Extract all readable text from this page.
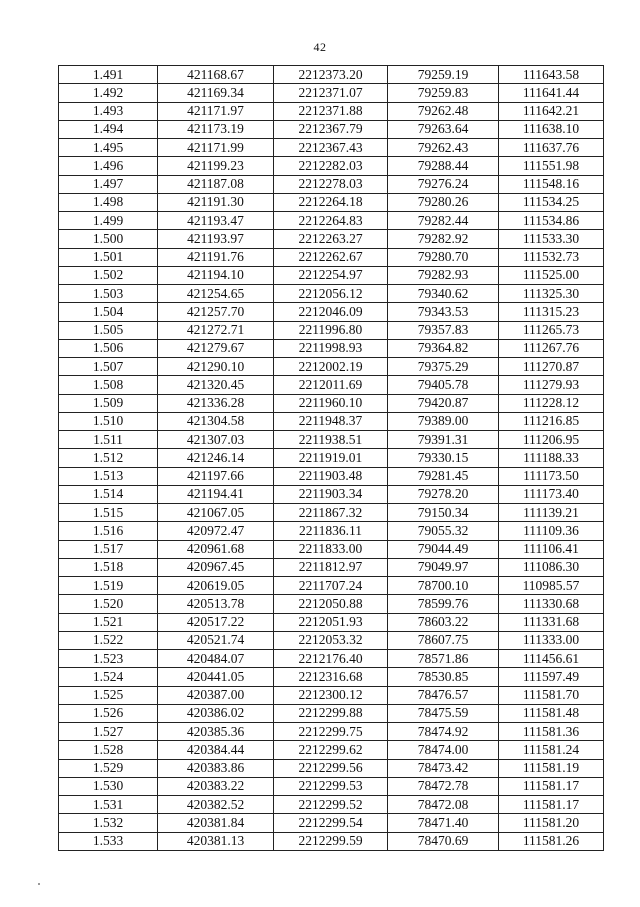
42
1.491	421168.67	2212373.20	79259.19	111643.58
1.492	421169.34	2212371.07	79259.83	111641.44
1.493	421171.97	2212371.88	79262.48	111642.21
1.494	421173.19	2212367.79	79263.64	111638.10
1.495	421171.99	2212367.43	79262.43	111637.76
1.496	421199.23	2212282.03	79288.44	111551.98
1.497	421187.08	2212278.03	79276.24	111548.16
1.498	421191.30	2212264.18	79280.26	111534.25
1.499	421193.47	2212264.83	79282.44	111534.86
1.500	421193.97	2212263.27	79282.92	111533.30
1.501	421191.76	2212262.67	79280.70	111532.73
1.502	421194.10	2212254.97	79282.93	111525.00
1.503	421254.65	2212056.12	79340.62	111325.30
1.504	421257.70	2212046.09	79343.53	111315.23
1.505	421272.71	2211996.80	79357.83	111265.73
1.506	421279.67	2211998.93	79364.82	111267.76
1.507	421290.10	2212002.19	79375.29	111270.87
1.508	421320.45	2212011.69	79405.78	111279.93
1.509	421336.28	2211960.10	79420.87	111228.12
1.510	421304.58	2211948.37	79389.00	111216.85
1.511	421307.03	2211938.51	79391.31	111206.95
1.512	421246.14	2211919.01	79330.15	111188.33
1.513	421197.66	2211903.48	79281.45	111173.50
1.514	421194.41	2211903.34	79278.20	111173.40
1.515	421067.05	2211867.32	79150.34	111139.21
1.516	420972.47	2211836.11	79055.32	111109.36
1.517	420961.68	2211833.00	79044.49	111106.41
1.518	420967.45	2211812.97	79049.97	111086.30
1.519	420619.05	2211707.24	78700.10	110985.57
1.520	420513.78	2212050.88	78599.76	111330.68
1.521	420517.22	2212051.93	78603.22	111331.68
1.522	420521.74	2212053.32	78607.75	111333.00
1.523	420484.07	2212176.40	78571.86	111456.61
1.524	420441.05	2212316.68	78530.85	111597.49
1.525	420387.00	2212300.12	78476.57	111581.70
1.526	420386.02	2212299.88	78475.59	111581.48
1.527	420385.36	2212299.75	78474.92	111581.36
1.528	420384.44	2212299.62	78474.00	111581.24
1.529	420383.86	2212299.56	78473.42	111581.19
1.530	420383.22	2212299.53	78472.78	111581.17
1.531	420382.52	2212299.52	78472.08	111581.17
1.532	420381.84	2212299.54	78471.40	111581.20
1.533	420381.13	2212299.59	78470.69	111581.26
